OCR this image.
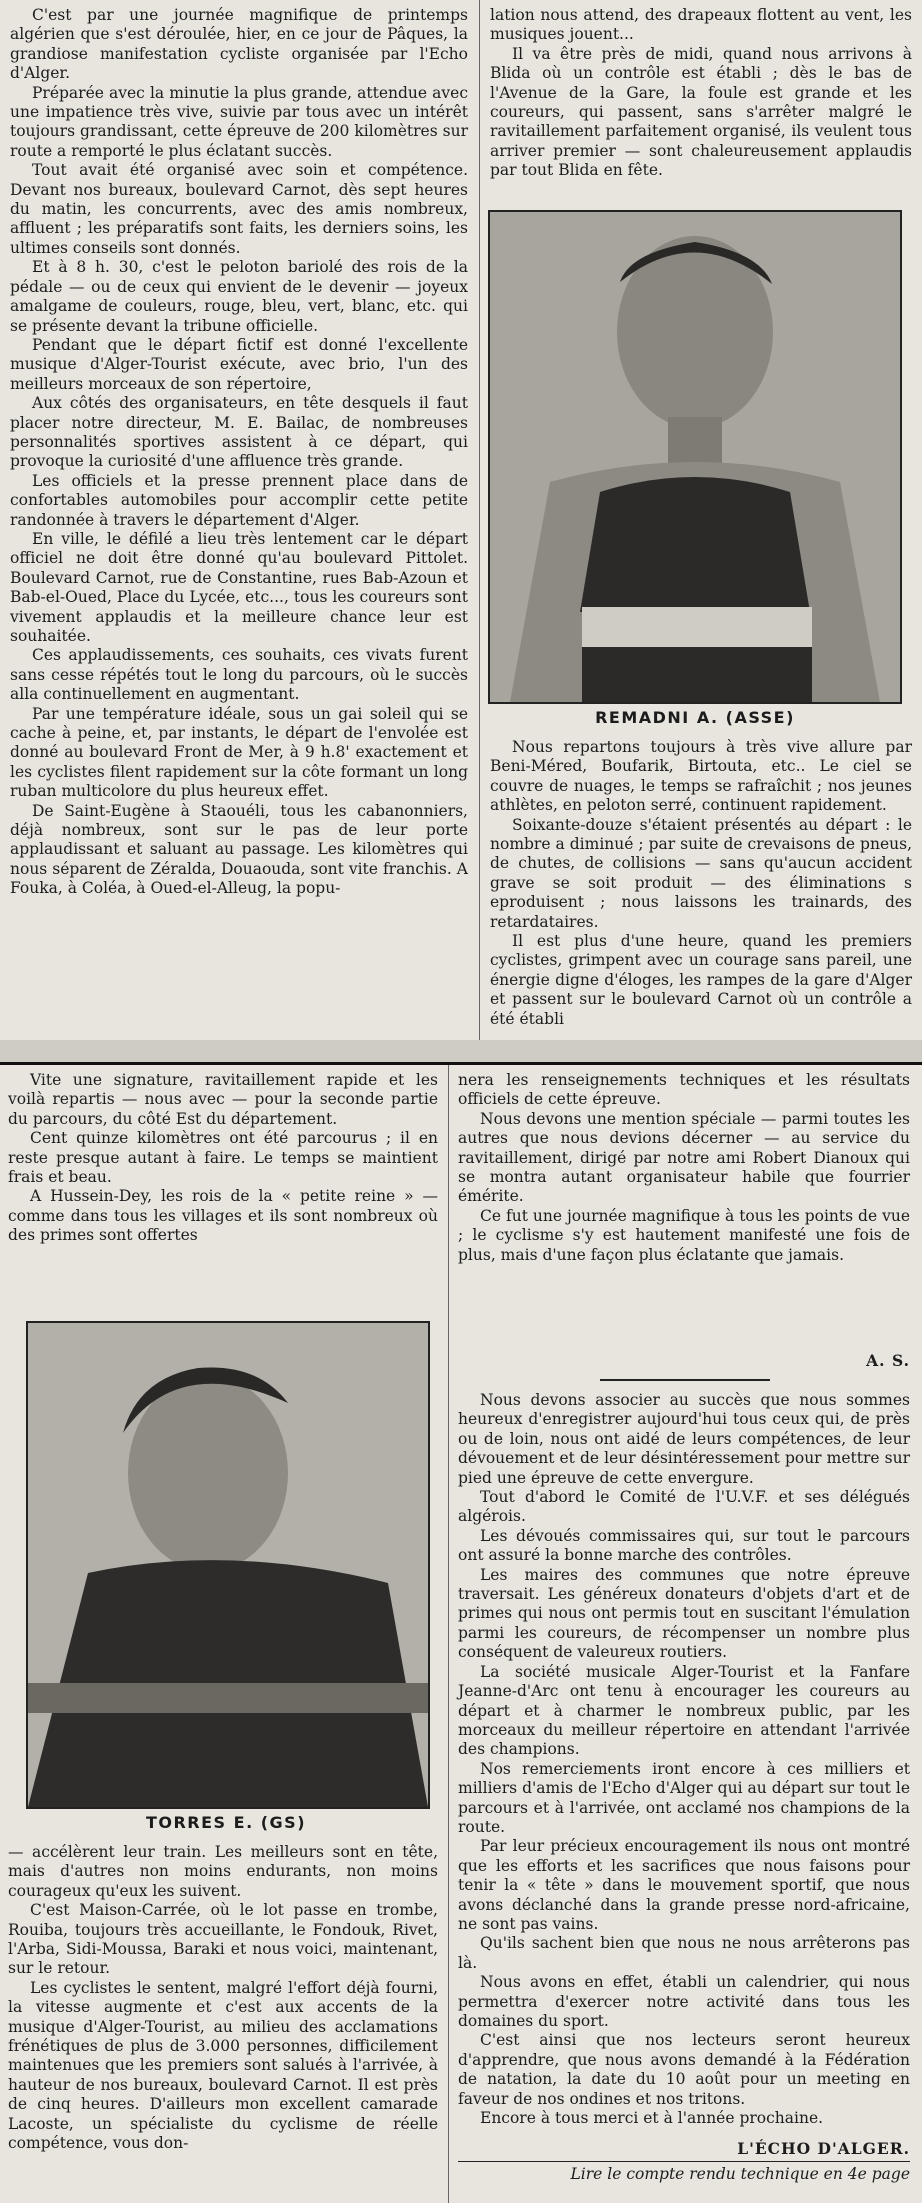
C'est par une journée magnifique de printemps algérien que s'est déroulée, hier, en ce jour de Pâques, la grandiose manifestation cycliste organisée par l'Echo d'Alger.

Préparée avec la minutie la plus grande, attendue avec une impatience très vive, suivie par tous avec un intérêt toujours grandissant, cette épreuve de 200 kilomètres sur route a remporté le plus éclatant succès.

Tout avait été organisé avec soin et compétence. Devant nos bureaux, boulevard Carnot, dès sept heures du matin, les concurrents, avec des amis nombreux, affluent ; les préparatifs sont faits, les derniers soins, les ultimes conseils sont donnés.

Et à 8 h. 30, c'est le peloton bariolé des rois de la pédale — ou de ceux qui envient de le devenir — joyeux amalgame de couleurs, rouge, bleu, vert, blanc, etc. qui se présente devant la tribune officielle.

Pendant que le départ fictif est donné l'excellente musique d'Alger-Tourist exécute, avec brio, l'un des meilleurs morceaux de son répertoire,

Aux côtés des organisateurs, en tête desquels il faut placer notre directeur, M. E. Bailac, de nombreuses personnalités sportives assistent à ce départ, qui provoque la curiosité d'une affluence très grande.

Les officiels et la presse prennent place dans de confortables automobiles pour accomplir cette petite randonnée à travers le département d'Alger.

En ville, le défilé a lieu très lentement car le départ officiel ne doit être donné qu'au boulevard Pittolet. Boulevard Carnot, rue de Constantine, rues Bab-Azoun et Bab-el-Oued, Place du Lycée, etc..., tous les coureurs sont vivement applaudis et la meilleure chance leur est souhaitée.

Ces applaudissements, ces souhaits, ces vivats furent sans cesse répétés tout le long du parcours, où le succès alla continuellement en augmentant.

Par une température idéale, sous un gai soleil qui se cache à peine, et, par instants, le départ de l'envolée est donné au boulevard Front de Mer, à 9 h.8' exactement et les cyclistes filent rapidement sur la côte formant un long ruban multicolore du plus heureux effet.

De Saint-Eugène à Staouéli, tous les cabanonniers, déjà nombreux, sont sur le pas de leur porte applaudissant et saluant au passage. Les kilomètres qui nous séparent de Zéralda, Douaouda, sont vite franchis. A Fouka, à Coléa, à Oued-el-Alleug, la popu-

lation nous attend, des drapeaux flottent au vent, les musiques jouent...

Il va être près de midi, quand nous arrivons à Blida où un contrôle est établi ; dès le bas de l'Avenue de la Gare, la foule est grande et les coureurs, qui passent, sans s'arrêter malgré le ravitaillement parfaitement organisé, ils veulent tous arriver premier — sont chaleureusement applaudis par tout Blida en fête.

REMADNI A. (ASSE)

Nous repartons toujours à très vive allure par Beni-Méred, Boufarik, Birtouta, etc.. Le ciel se couvre de nuages, le temps se rafraîchit ; nos jeunes athlètes, en peloton serré, continuent rapidement.

Soixante-douze s'étaient présentés au départ : le nombre a diminué ; par suite de crevaisons de pneus, de chutes, de collisions — sans qu'aucun accident grave se soit produit — des éliminations s eproduisent ; nous laissons les trainards, des retardataires.

Il est plus d'une heure, quand les premiers cyclistes, grimpent avec un courage sans pareil, une énergie digne d'éloges, les rampes de la gare d'Alger et passent sur le boulevard Carnot où un contrôle a été établi

Vite une signature, ravitaillement rapide et les voilà repartis — nous avec — pour la seconde partie du parcours, du côté Est du département.

Cent quinze kilomètres ont été parcourus ; il en reste presque autant à faire. Le temps se maintient frais et beau.

A Hussein-Dey, les rois de la « petite reine » — comme dans tous les villages et ils sont nombreux où des primes sont offertes

TORRES E. (GS)

— accélèrent leur train. Les meilleurs sont en tête, mais d'autres non moins endurants, non moins courageux qu'eux les suivent.

C'est Maison-Carrée, où le lot passe en trombe, Rouiba, toujours très accueillante, le Fondouk, Rivet, l'Arba, Sidi-Moussa, Baraki et nous voici, maintenant, sur le retour.

Les cyclistes le sentent, malgré l'effort déjà fourni, la vitesse augmente et c'est aux accents de la musique d'Alger-Tourist, au milieu des acclamations frénétiques de plus de 3.000 personnes, difficilement maintenues que les premiers sont salués à l'arrivée, à hauteur de nos bureaux, boulevard Carnot. Il est près de cinq heures. D'ailleurs mon excellent camarade Lacoste, un spécialiste du cyclisme de réelle compétence, vous don-

nera les renseignements techniques et les résultats officiels de cette épreuve.

Nous devons une mention spéciale — parmi toutes les autres que nous devions décerner — au service du ravitaillement, dirigé par notre ami Robert Dianoux qui se montra autant organisateur habile que fourrier émérite.

Ce fut une journée magnifique à tous les points de vue ; le cyclisme s'y est hautement manifesté une fois de plus, mais d'une façon plus éclatante que jamais.

A. S.

Nous devons associer au succès que nous sommes heureux d'enregistrer aujourd'hui tous ceux qui, de près ou de loin, nous ont aidé de leurs compétences, de leur dévouement et de leur désintéressement pour mettre sur pied une épreuve de cette envergure.

Tout d'abord le Comité de l'U.V.F. et ses délégués algérois.

Les dévoués commissaires qui, sur tout le parcours ont assuré la bonne marche des contrôles.

Les maires des communes que notre épreuve traversait. Les généreux donateurs d'objets d'art et de primes qui nous ont permis tout en suscitant l'émulation parmi les coureurs, de récompenser un nombre plus conséquent de valeureux routiers.

La société musicale Alger-Tourist et la Fanfare Jeanne-d'Arc ont tenu à encourager les coureurs au départ et à charmer le nombreux public, par les morceaux du meilleur répertoire en attendant l'arrivée des champions.

Nos remerciements iront encore à ces milliers et milliers d'amis de l'Echo d'Alger qui au départ sur tout le parcours et à l'arrivée, ont acclamé nos champions de la route.

Par leur précieux encouragement ils nous ont montré que les efforts et les sacrifices que nous faisons pour tenir la « tête » dans le mouvement sportif, que nous avons déclanché dans la grande presse nord-africaine, ne sont pas vains.

Qu'ils sachent bien que nous ne nous arrêterons pas là.

Nous avons en effet, établi un calendrier, qui nous permettra d'exercer notre activité dans tous les domaines du sport.

C'est ainsi que nos lecteurs seront heureux d'apprendre, que nous avons demandé à la Fédération de natation, la date du 10 août pour un meeting en faveur de nos ondines et nos tritons.

Encore à tous merci et à l'année prochaine.

L'ÉCHO D'ALGER.

Lire le compte rendu technique en 4e page
